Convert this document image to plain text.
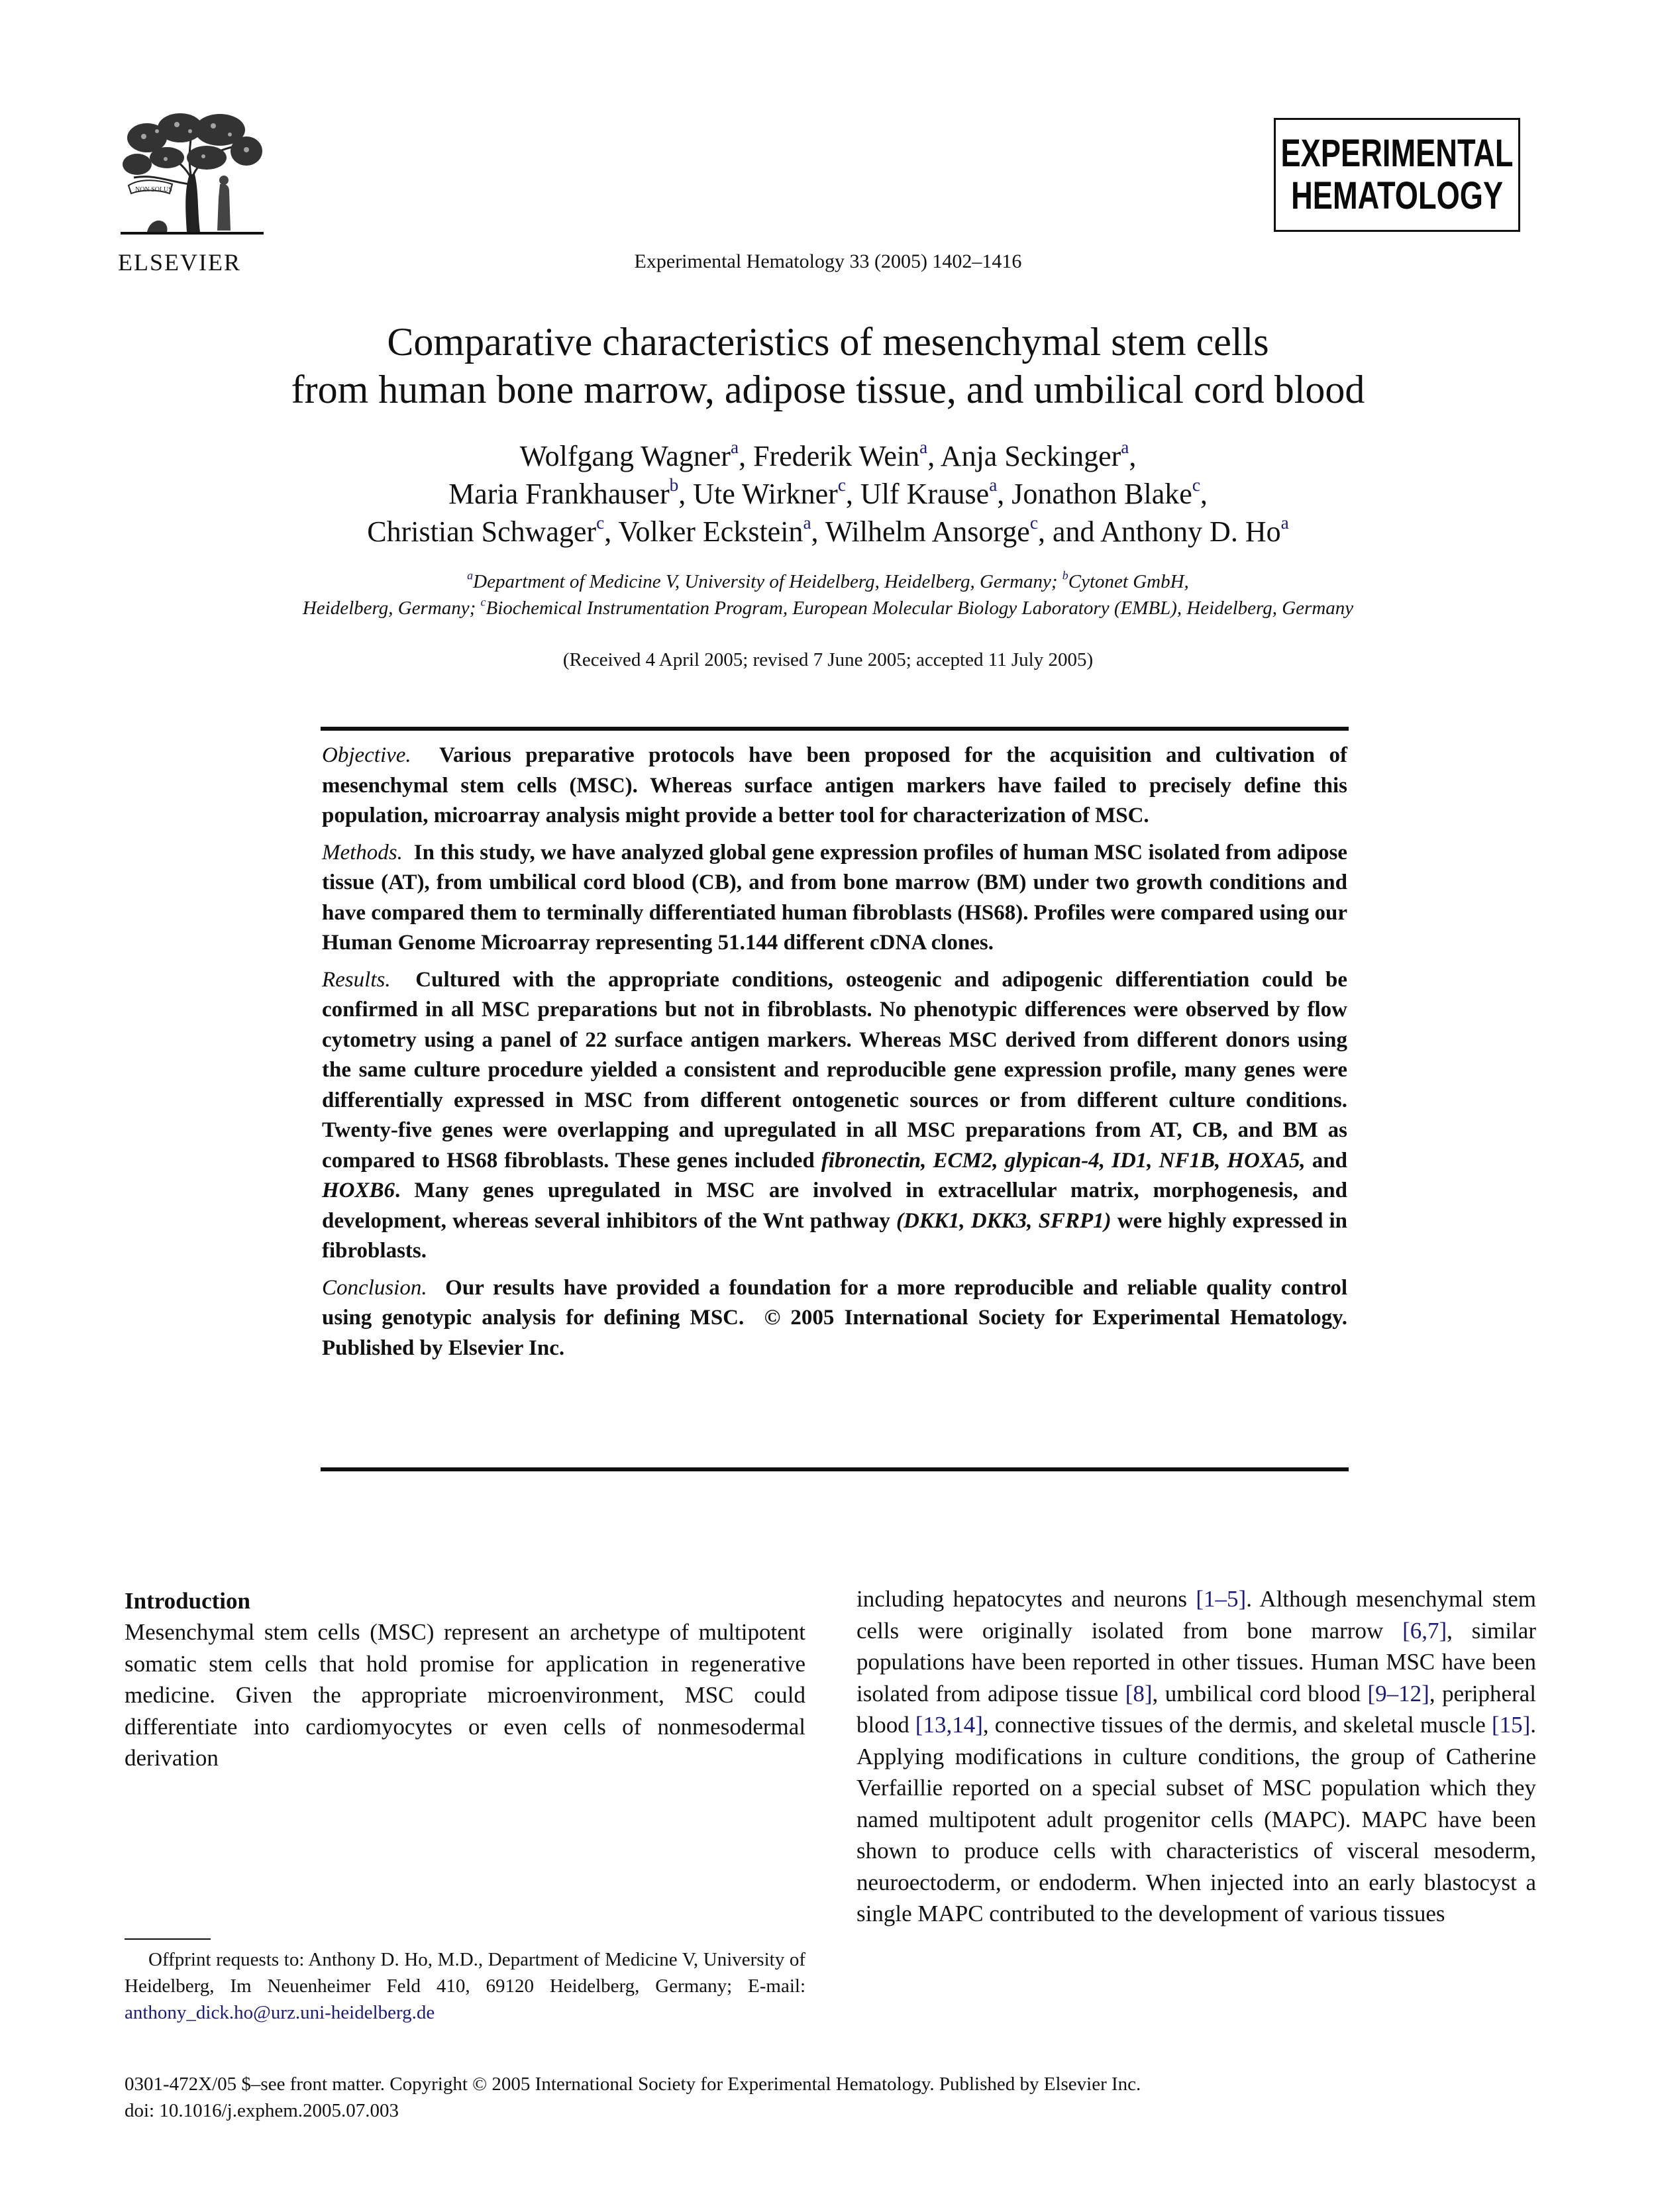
NON SOLUS
ELSEVIER
EXPERIMENTAL
HEMATOLOGY
Experimental Hematology 33 (2005) 1402–1416
Comparative characteristics of mesenchymal stem cells
from human bone marrow, adipose tissue, and umbilical cord blood
Wolfgang Wagner$^a$, Frederik Wein$^a$, Anja Seckinger$^a$,
Maria Frankhauser$^b$, Ute Wirkner$^c$, Ulf Krause$^a$, Jonathon Blake$^c$,
Christian Schwager$^c$, Volker Eckstein$^a$, Wilhelm Ansorge$^c$, and Anthony D. Ho$^a$
$^a$Department of Medicine V, University of Heidelberg, Heidelberg, Germany; $^b$Cytonet GmbH,
Heidelberg, Germany; $^c$Biochemical Instrumentation Program, European Molecular Biology Laboratory (EMBL), Heidelberg, Germany
(Received 4 April 2005; revised 7 June 2005; accepted 11 July 2005)

Objective. Various preparative protocols have been proposed for the acquisition and cultivation of mesenchymal stem cells (MSC). Whereas surface antigen markers have failed to precisely define this population, microarray analysis might provide a better tool for characterization of MSC.

Methods. In this study, we have analyzed global gene expression profiles of human MSC isolated from adipose tissue (AT), from umbilical cord blood (CB), and from bone marrow (BM) under two growth conditions and have compared them to terminally differentiated human fibroblasts (HS68). Profiles were compared using our Human Genome Microarray representing 51.144 different cDNA clones.

Results. Cultured with the appropriate conditions, osteogenic and adipogenic differentiation could be confirmed in all MSC preparations but not in fibroblasts. No phenotypic differences were observed by flow cytometry using a panel of 22 surface antigen markers. Whereas MSC derived from different donors using the same culture procedure yielded a consistent and reproducible gene expression profile, many genes were differentially expressed in MSC from different ontogenetic sources or from different culture conditions. Twenty-five genes were overlapping and upregulated in all MSC preparations from AT, CB, and BM as compared to HS68 fibroblasts. These genes included fibronectin, ECM2, glypican-4, ID1, NF1B, HOXA5, and HOXB6. Many genes upregulated in MSC are involved in extracellular matrix, morphogenesis, and development, whereas several inhibitors of the Wnt pathway (DKK1, DKK3, SFRP1) were highly expressed in fibroblasts.

Conclusion. Our results have provided a foundation for a more reproducible and reliable quality control using genotypic analysis for defining MSC.  © 2005 International Society for Experimental Hematology.  Published by Elsevier Inc.

Introduction
Mesenchymal stem cells (MSC) represent an archetype of multipotent somatic stem cells that hold promise for application in regenerative medicine. Given the appropriate microenvironment, MSC could differentiate into cardiomyocytes or even cells of nonmesodermal derivation
Offprint requests to: Anthony D. Ho, M.D., Department of Medicine V, University of Heidelberg, Im Neuenheimer Feld 410, 69120 Heidelberg, Germany; E-mail: anthony_dick.ho@urz.uni-heidelberg.de
including hepatocytes and neurons [1–5]. Although mesenchymal stem cells were originally isolated from bone marrow [6,7], similar populations have been reported in other tissues. Human MSC have been isolated from adipose tissue [8], umbilical cord blood [9–12], peripheral blood [13,14], connective tissues of the dermis, and skeletal muscle [15]. Applying modifications in culture conditions, the group of Catherine Verfaillie reported on a special subset of MSC population which they named multipotent adult progenitor cells (MAPC). MAPC have been shown to produce cells with characteristics of visceral mesoderm, neuroectoderm, or endoderm. When injected into an early blastocyst a single MAPC contributed to the development of various tissues
0301-472X/05 $–see front matter. Copyright © 2005 International Society for Experimental Hematology. Published by Elsevier Inc.
doi: 10.1016/j.exphem.2005.07.003
